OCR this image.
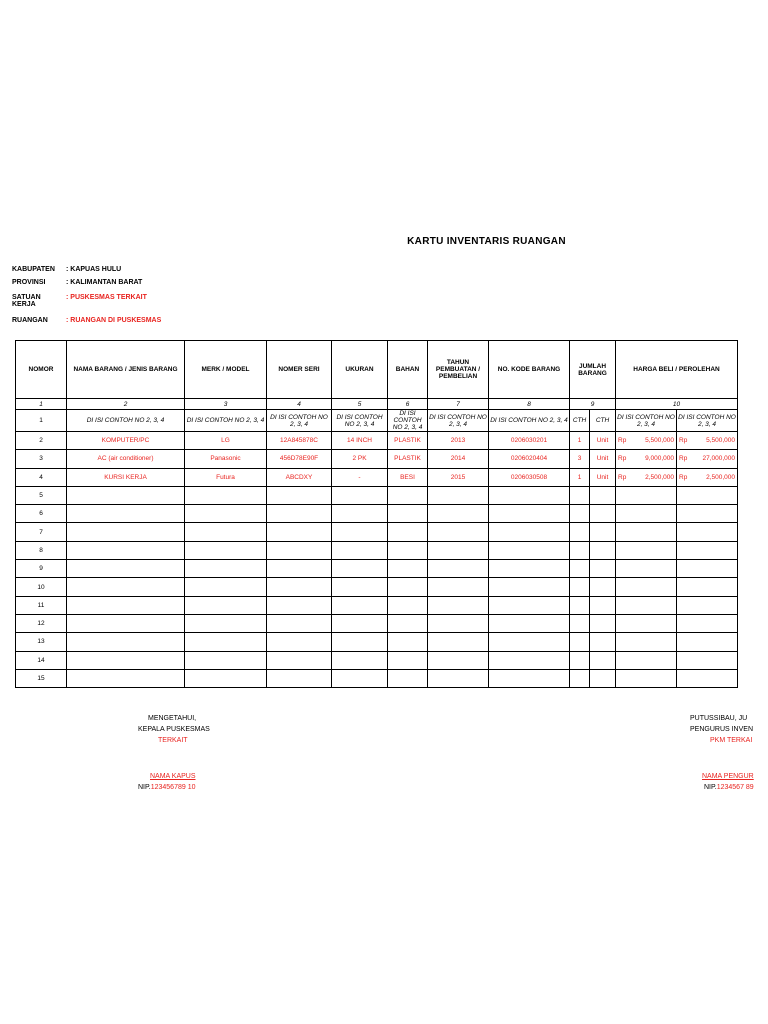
KARTU INVENTARIS RUANGAN
KABUPATEN : KAPUAS HULU
PROVINSI	: KALIMANTAN BARAT
SATUAN KERJA: PUSKESMAS TERKAIT
RUANGAN	: RUANGAN DI PUSKESMAS
NOMOR	NAMA BARANG / JENIS BARANG	MERK / MODEL	NOMER SERI	UKURAN	BAHAN	TAHUN PEMBUATAN / PEMBELIAN	NO. KODE BARANG	JUMLAH BARANG		HARGA BELI / PEROLEHAN	
1	2	3	4	5	6	7	8	9		10	
1	DI ISI CONTOH NO 2, 3, 4	DI ISI CONTOH NO 2, 3, 4	DI ISI CONTOH NO 2, 3, 4	DI ISI CONTOH NO 2, 3, 4	DI ISI CONTOH NO 2, 3, 4	DI ISI CONTOH NO 2, 3, 4	DI ISI CONTOH NO 2, 3, 4	CTH	CTH	DI ISI CONTOH NO 2, 3, 4	DI ISI CONTOH NO 2, 3, 4
2	KOMPUTER/PC	LG	12A845878C	14 INCH	PLASTIK	2013	0206030201	1	Unit	Rp 5,500,000	Rp 5,500,000

3	AC (air conditioner)	Panasonic	456D78E90F	2 PK	PLASTIK	2014	0206020404	3	Unit	Rp 9,000,000	Rp 27,000,000

4	KURSI KERJA	Futura	ABCDXY	-	BESI	2015	0206030508	1	Unit	Rp 2,500,000	Rp 2,500,000

5											
6											
7											
8											
9											
10											
11											
12											
13											
14											
15											
MENGETAHUI,
KEPALA PUSKESMAS
TERKAIT
NAMA KAPUS
NIP.123456789 10
PUTUSSIBAU, JU
PENGURUS INVEN
PKM TERKAI
NAMA PENGUR
NIP.1234567 89
